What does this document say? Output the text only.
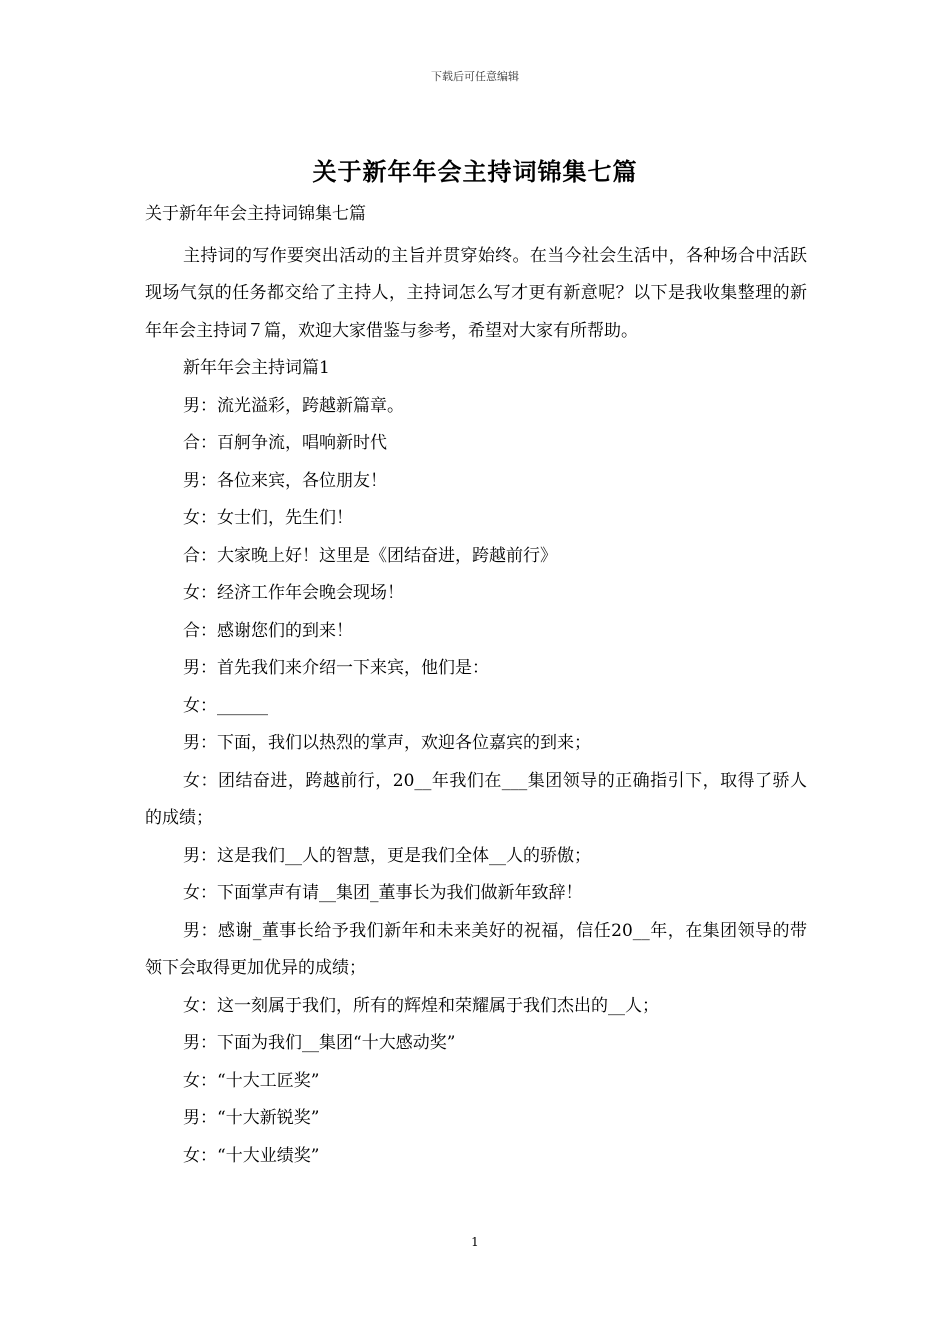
下载后可任意编辑
关于新年年会主持词锦集七篇

关于新年年会主持词锦集七篇

主持词的写作要突出活动的主旨并贯穿始终。在当今社会生活中，各种场合中活跃现场气氛的任务都交给了主持人，主持词怎么写才更有新意呢？以下是我收集整理的新年年会主持词７篇，欢迎大家借鉴与参考，希望对大家有所帮助。

新年年会主持词篇1

男：流光溢彩，跨越新篇章。

合：百舸争流，唱响新时代

男：各位来宾，各位朋友！

女：女士们，先生们！

合：大家晚上好！这里是《团结奋进，跨越前行》

女：经济工作年会晚会现场！

合：感谢您们的到来！

男：首先我们来介绍一下来宾，他们是：

女：______

男：下面，我们以热烈的掌声，欢迎各位嘉宾的到来；

女：团结奋进，跨越前行，20__年我们在___集团领导的正确指引下，取得了骄人的成绩；

男：这是我们__人的智慧，更是我们全体__人的骄傲；

女：下面掌声有请__集团_董事长为我们做新年致辞！

男：感谢_董事长给予我们新年和未来美好的祝福，信任20__年，在集团领导的带领下会取得更加优异的成绩；

女：这一刻属于我们，所有的辉煌和荣耀属于我们杰出的__人；

男：下面为我们__集团“十大感动奖”

女：“十大工匠奖”

男：“十大新锐奖”

女：“十大业绩奖”

1
